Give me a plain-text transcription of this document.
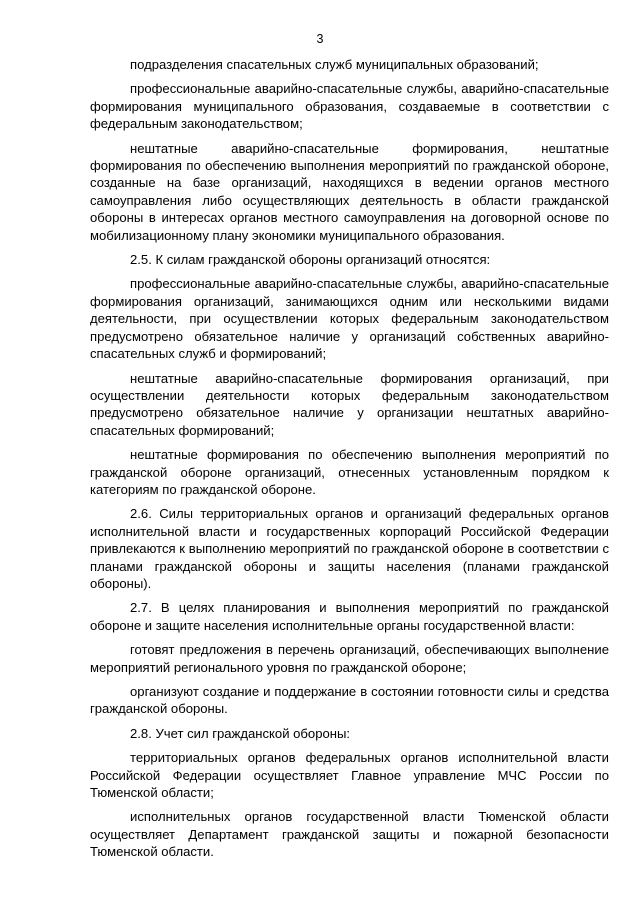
3

подразделения спасательных служб муниципальных образований;

профессиональные аварийно-спасательные службы, аварийно-спасательные формирования муниципального образования, создаваемые в соответствии с федеральным законодательством;

нештатные аварийно-спасательные формирования, нештатные формирования по обеспечению выполнения мероприятий по гражданской обороне, созданные на базе организаций, находящихся в ведении органов местного самоуправления либо осуществляющих деятельность в области гражданской обороны в интересах органов местного самоуправления на договорной основе по мобилизационному плану экономики муниципального образования.

2.5. К силам гражданской обороны организаций относятся:

профессиональные аварийно-спасательные службы, аварийно-спасательные формирования организаций, занимающихся одним или несколькими видами деятельности, при осуществлении которых федеральным законодательством предусмотрено обязательное наличие у организаций собственных аварийно-спасательных служб и формирований;

нештатные аварийно-спасательные формирования организаций, при осуществлении деятельности которых федеральным законодательством предусмотрено обязательное наличие у организации нештатных аварийно-спасательных формирований;

нештатные формирования по обеспечению выполнения мероприятий по гражданской обороне организаций, отнесенных установленным порядком к категориям по гражданской обороне.

2.6. Силы территориальных органов и организаций федеральных органов исполнительной власти и государственных корпораций Российской Федерации привлекаются к выполнению мероприятий по гражданской обороне в соответствии с планами гражданской обороны и защиты населения (планами гражданской обороны).

2.7. В целях планирования и выполнения мероприятий по гражданской обороне и защите населения исполнительные органы государственной власти:

готовят предложения в перечень организаций, обеспечивающих выполнение мероприятий регионального уровня по гражданской обороне;

организуют создание и поддержание в состоянии готовности силы и средства гражданской обороны.

2.8. Учет сил гражданской обороны:

территориальных органов федеральных органов исполнительной власти Российской Федерации осуществляет Главное управление МЧС России по Тюменской области;

исполнительных органов государственной власти Тюменской области осуществляет Департамент гражданской защиты и пожарной безопасности Тюменской области.
